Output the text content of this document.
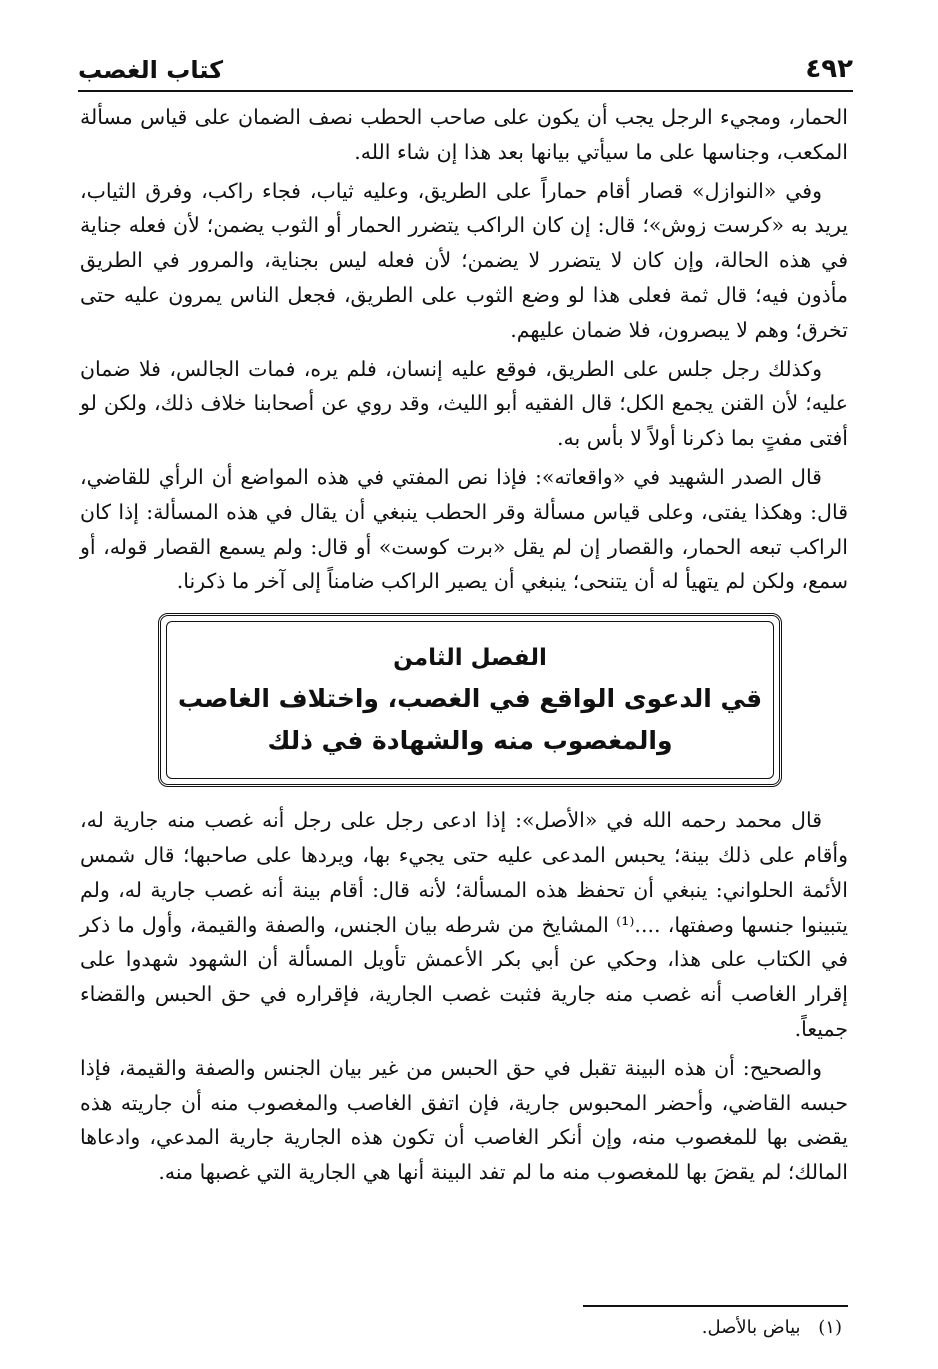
كتاب الغصب	٤٩٢

الحمار، ومجيء الرجل يجب أن يكون على صاحب الحطب نصف الضمان على قياس مسألة المكعب، وجناسها على ما سيأتي بيانها بعد هذا إن شاء الله.

وفي «النوازل» قصار أقام حماراً على الطريق، وعليه ثياب، فجاء راكب، وفرق الثياب، يريد به «كرست زوش»؛ قال: إن كان الراكب يتضرر الحمار أو الثوب يضمن؛ لأن فعله جناية في هذه الحالة، وإن كان لا يتضرر لا يضمن؛ لأن فعله ليس بجناية، والمرور في الطريق مأذون فيه؛ قال ثمة فعلى هذا لو وضع الثوب على الطريق، فجعل الناس يمرون عليه حتى تخرق؛ وهم لا يبصرون، فلا ضمان عليهم.

وكذلك رجل جلس على الطريق، فوقع عليه إنسان، فلم يره، فمات الجالس، فلا ضمان عليه؛ لأن القنن يجمع الكل؛ قال الفقيه أبو الليث، وقد روي عن أصحابنا خلاف ذلك، ولكن لو أفتى مفتٍ بما ذكرنا أولاً لا بأس به.

قال الصدر الشهيد في «واقعاته»: فإذا نص المفتي في هذه المواضع أن الرأي للقاضي، قال: وهكذا يفتى، وعلى قياس مسألة وقر الحطب ينبغي أن يقال في هذه المسألة: إذا كان الراكب تبعه الحمار، والقصار إن لم يقل «برت كوست» أو قال: ولم يسمع القصار قوله، أو سمع، ولكن لم يتهيأ له أن يتنحى؛ ينبغي أن يصير الراكب ضامناً إلى آخر ما ذكرنا.

الفصل الثامن
قي الدعوى الواقع في الغصب، واختلاف الغاصب
والمغصوب منه والشهادة في ذلك

قال محمد رحمه الله في «الأصل»: إذا ادعى رجل على رجل أنه غصب منه جارية له، وأقام على ذلك بينة؛ يحبس المدعى عليه حتى يجيء بها، ويردها على صاحبها؛ قال شمس الأئمة الحلواني: ينبغي أن تحفظ هذه المسألة؛ لأنه قال: أقام بينة أنه غصب جارية له، ولم يتبينوا جنسها وصفتها، ....⁽¹⁾ المشايخ من شرطه بيان الجنس، والصفة والقيمة، وأول ما ذكر في الكتاب على هذا، وحكي عن أبي بكر الأعمش تأويل المسألة أن الشهود شهدوا على إقرار الغاصب أنه غصب منه جارية فثبت غصب الجارية، فإقراره في حق الحبس والقضاء جميعاً.

والصحيح: أن هذه البينة تقبل في حق الحبس من غير بيان الجنس والصفة والقيمة، فإذا حبسه القاضي، وأحضر المحبوس جارية، فإن اتفق الغاصب والمغصوب منه أن جاريته هذه يقضى بها للمغصوب منه، وإن أنكر الغاصب أن تكون هذه الجارية جارية المدعي، وادعاها المالك؛ لم يقضَ بها للمغصوب منه ما لم تفد البينة أنها هي الجارية التي غصبها منه.

(١) بياض بالأصل.
